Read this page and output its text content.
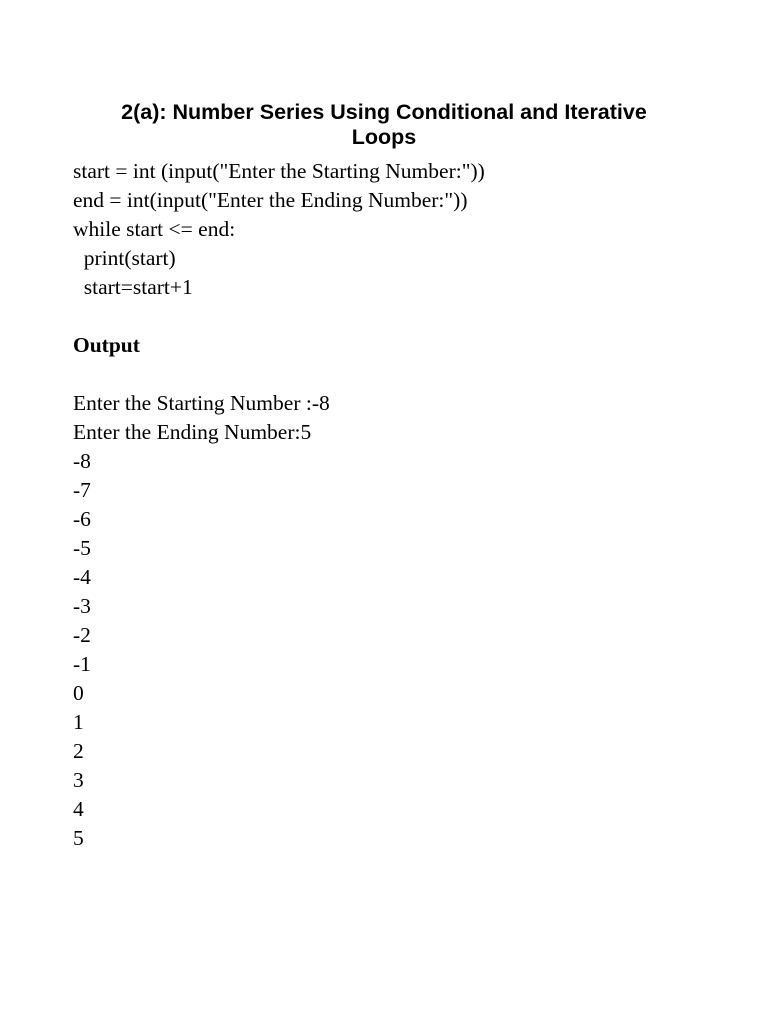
2(a): Number Series Using Conditional and Iterative Loops
start = int (input("Enter the Starting Number:"))
end = int(input("Enter the Ending Number:"))
while start <= end:
print(start)
start=start+1
Output
Enter the Starting Number :-8
Enter the Ending Number:5
-8
-7
-6
-5
-4
-3
-2
-1
0
1
2
3
4
5
